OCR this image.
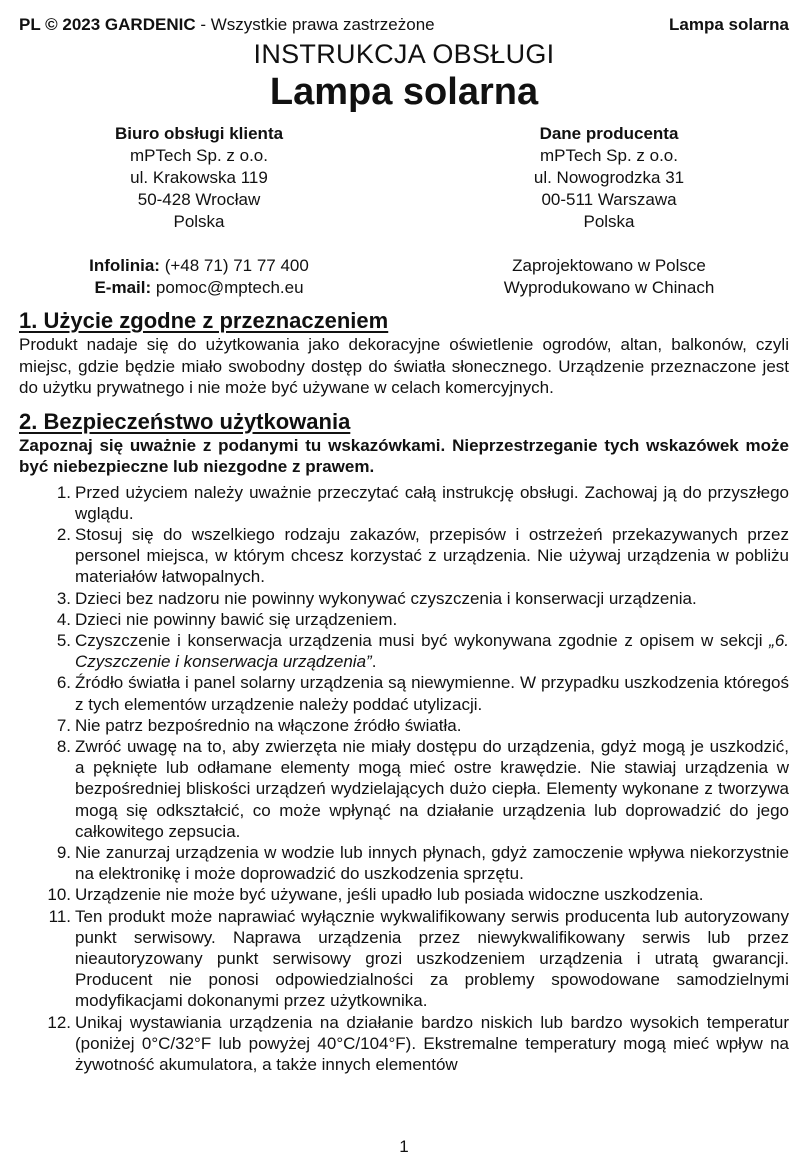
PL © 2023 GARDENIC - Wszystkie prawa zastrzeżone	Lampa solarna
INSTRUKCJA OBSŁUGI
Lampa solarna
Biuro obsługi klienta
mPTech Sp. z o.o.
ul. Krakowska 119
50-428 Wrocław
Polska
Infolinia: (+48 71) 71 77 400
E-mail: pomoc@mptech.eu
Dane producenta
mPTech Sp. z o.o.
ul. Nowogrodzka 31
00-511 Warszawa
Polska
Zaprojektowano w Polsce
Wyprodukowano w Chinach
1. Użycie zgodne z przeznaczeniem
Produkt nadaje się do użytkowania jako dekoracyjne oświetlenie ogrodów, altan, balkonów, czyli miejsc, gdzie będzie miało swobodny dostęp do światła słonecznego. Urządzenie przeznaczone jest do użytku prywatnego i nie może być używane w celach komercyjnych.
2. Bezpieczeństwo użytkowania
Zapoznaj się uważnie z podanymi tu wskazówkami. Nieprzestrzeganie tych wskazówek może być niebezpieczne lub niezgodne z prawem.
1. Przed użyciem należy uważnie przeczytać całą instrukcję obsługi. Zachowaj ją do przyszłego wglądu.
2. Stosuj się do wszelkiego rodzaju zakazów, przepisów i ostrzeżeń przekazywanych przez personel miejsca, w którym chcesz korzystać z urządzenia. Nie używaj urządzenia w pobliżu materiałów łatwopalnych.
3. Dzieci bez nadzoru nie powinny wykonywać czyszczenia i konserwacji urządzenia.
4. Dzieci nie powinny bawić się urządzeniem.
5. Czyszczenie i konserwacja urządzenia musi być wykonywana zgodnie z opisem w sekcji „6. Czyszczenie i konserwacja urządzenia”.
6. Źródło światła i panel solarny urządzenia są niewymienne. W przypadku uszkodzenia któregoś z tych elementów urządzenie należy poddać utylizacji.
7. Nie patrz bezpośrednio na włączone źródło światła.
8. Zwróć uwagę na to, aby zwierzęta nie miały dostępu do urządzenia, gdyż mogą je uszkodzić, a pęknięte lub odłamane elementy mogą mieć ostre krawędzie. Nie stawiaj urządzenia w bezpośredniej bliskości urządzeń wydzielających dużo ciepła. Elementy wykonane z tworzywa mogą się odkształcić, co może wpłynąć na działanie urządzenia lub doprowadzić do jego całkowitego zepsucia.
9. Nie zanurzaj urządzenia w wodzie lub innych płynach, gdyż zamoczenie wpływa niekorzystnie na elektronikę i może doprowadzić do uszkodzenia sprzętu.
10. Urządzenie nie może być używane, jeśli upadło lub posiada widoczne uszkodzenia.
11. Ten produkt może naprawiać wyłącznie wykwalifikowany serwis producenta lub autoryzowany punkt serwisowy. Naprawa urządzenia przez niewykwalifikowany serwis lub przez nieautoryzowany punkt serwisowy grozi uszkodzeniem urządzenia i utratą gwarancji. Producent nie ponosi odpowiedzialności za problemy spowodowane samodzielnymi modyfikacjami dokonanymi przez użytkownika.
12. Unikaj wystawiania urządzenia na działanie bardzo niskich lub bardzo wysokich temperatur (poniżej 0°C/32°F lub powyżej 40°C/104°F). Ekstremalne temperatury mogą mieć wpływ na żywotność akumulatora, a także innych elementów
1
